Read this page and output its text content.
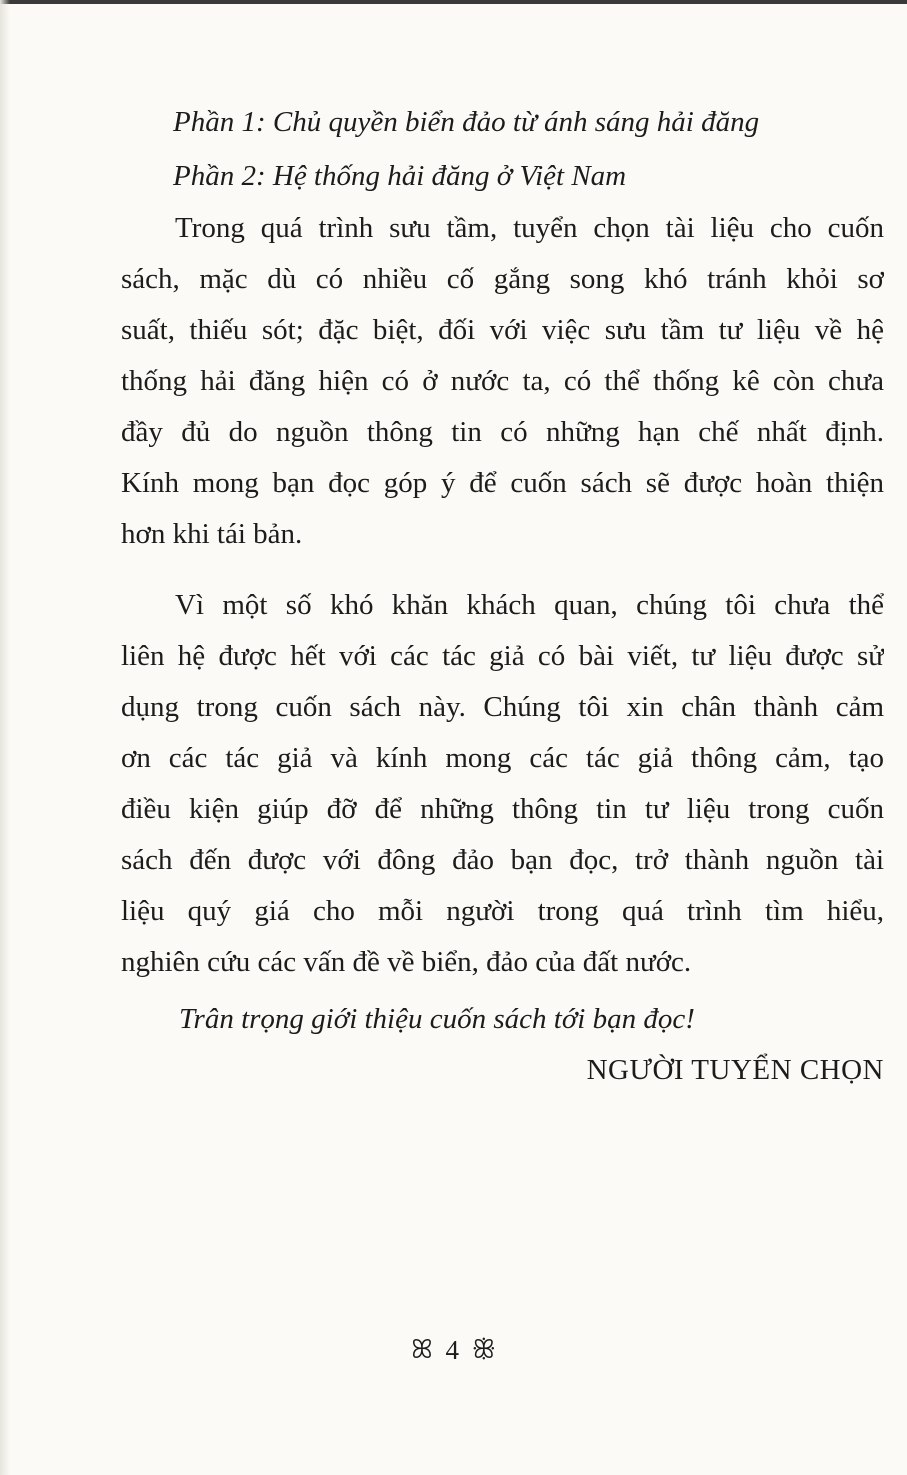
Phần 1: Chủ quyền biển đảo từ ánh sáng hải đăng
Phần 2: Hệ thống hải đăng ở Việt Nam
Trong quá trình sưu tầm, tuyển chọn tài liệu cho cuốn
sách, mặc dù có nhiều cố gắng song khó tránh khỏi sơ
suất, thiếu sót; đặc biệt, đối với việc sưu tầm tư liệu về hệ
thống hải đăng hiện có ở nước ta, có thể thống kê còn chưa
đầy đủ do nguồn thông tin có những hạn chế nhất định.
Kính mong bạn đọc góp ý để cuốn sách sẽ được hoàn thiện
hơn khi tái bản.
Vì một số khó khăn khách quan, chúng tôi chưa thể
liên hệ được hết với các tác giả có bài viết, tư liệu được sử
dụng trong cuốn sách này. Chúng tôi xin chân thành cảm
ơn các tác giả và kính mong các tác giả thông cảm, tạo
điều kiện giúp đỡ để những thông tin tư liệu trong cuốn
sách đến được với đông đảo bạn đọc, trở thành nguồn tài
liệu quý giá cho mỗi người trong quá trình tìm hiểu,
nghiên cứu các vấn đề về biển, đảo của đất nước.
Trân trọng giới thiệu cuốn sách tới bạn đọc!
NGƯỜI TUYỂN CHỌN
ꕤ 4 ꕥ
